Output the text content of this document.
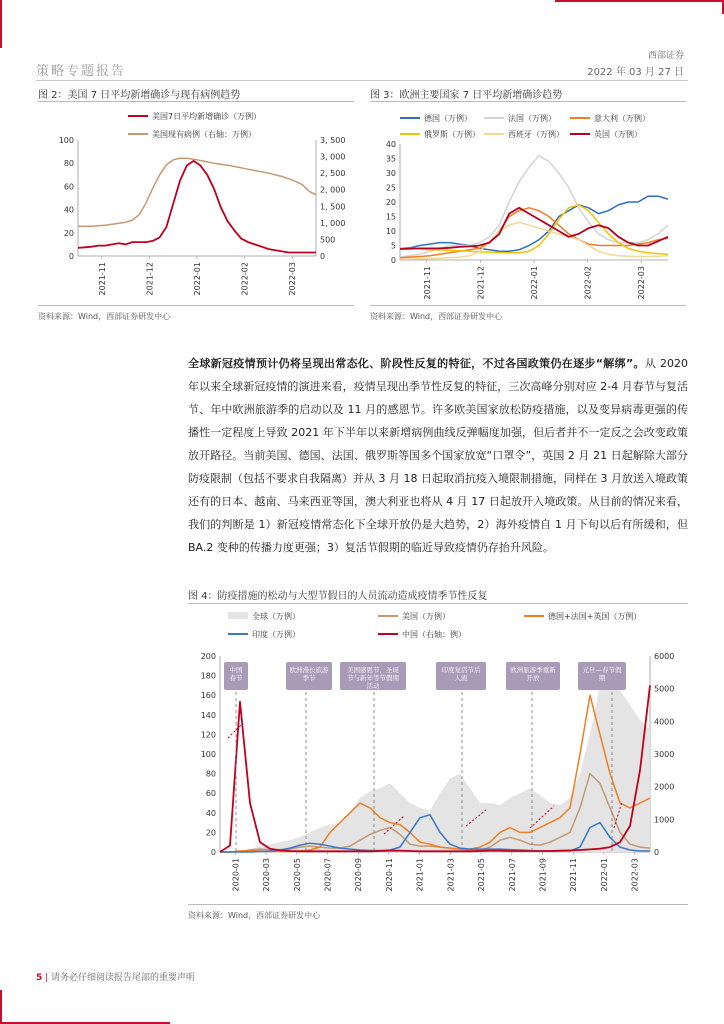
策略专题报告
西部证券
2022 年 03 月 27 日
图 2：美国 7 日平均新增确诊与现有病例趋势
0
20
40
60
80
100
0
500
1, 000
1, 500
2, 000
2, 500
3, 000
3, 500
2021-11	2021-12	2022-01	2022-02	2022-03
美国7日平均新增确诊（万例）
美国现有病例（右轴：万例）
资料来源：Wind，西部证券研发中心
图 3：欧洲主要国家 7 日平均新增确诊趋势
0
5
10
15
20
25
30
35
40
2021-11	2021-12	2022-01	2022-02	2022-03
德国（万例）	法国（万例）	意大利（万例）
俄罗斯（万例）	西班牙（万例）	英国（万例）
资料来源：Wind，西部证券研发中心
全球新冠疫情预计仍将呈现出常态化、阶段性反复的特征，不过各国政策仍在逐步“解绑”。从 2020 年以来全球新冠疫情的演进来看，疫情呈现出季节性反复的特征，三次高峰分别对应 2-4 月春节与复活节、年中欧洲旅游季的启动以及 11 月的感恩节。许多欧美国家放松防疫措施，以及变异病毒更强的传播性一定程度上导致 2021 年下半年以来新增病例曲线反弹幅度加强，但后者并不一定反之会改变政策放开路径。当前美国、德国、法国、俄罗斯等国多个国家放宽“口罩令”，英国 2 月 21 日起解除大部分防疫限制（包括不要求自我隔离）并从 3 月 18 日起取消抗疫入境限制措施，同样在 3 月放送入境政策还有的日本、越南、马来西亚等国，澳大利亚也将从 4 月 17 日起放开入境政策。从目前的情况来看，我们的判断是 1）新冠疫情常态化下全球开放仍是大趋势，2）海外疫情自 1 月下旬以后有所缓和，但 BA.2 变种的传播力度更强；3）复活节假期的临近导致疫情仍存抬升风险。
图 4：防疫措施的松动与大型节假日的人员流动造成疫情季节性反复
0
20
40
60
80
100
120
140
160
180
200
0
1000
2000
3000
4000
5000
6000
2020-01	2020-03	2020-05	2020-07	2020-09	2020-11	2021-01	2021-03	2021-05	2021-07	2021-09	2021-11	2022-01	2022-03
全球（万例）	美国（万例）	德国+法国+英国（万例）
印度（万例）	中国（右轴：例）
中国
春节
欧洲漫长旅游
季节
美国感恩节，圣诞
节与新年等节假期
活动
印度复活节后
人流
欧洲旅游季重新
开放
元旦—春节假
期
资料来源：Wind，西部证券研发中心
5 | 请务必仔细阅读报告尾部的重要声明
